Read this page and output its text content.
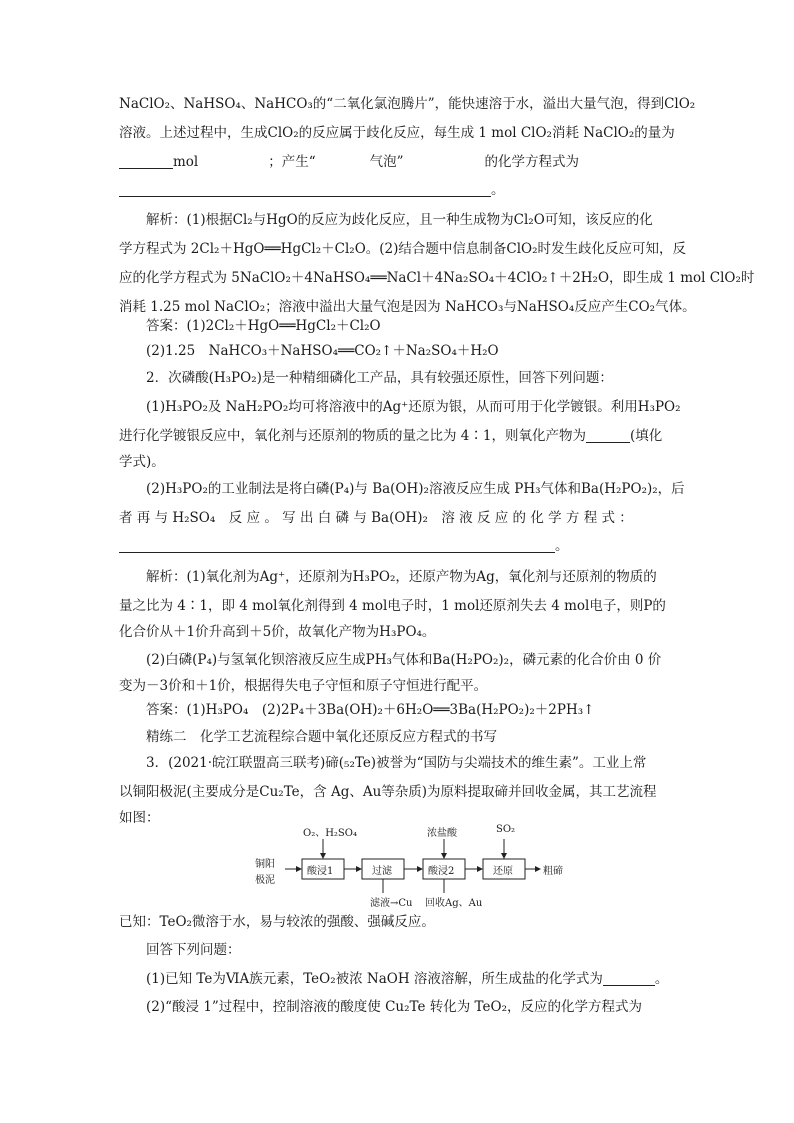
NaClO₂、NaHSO₄、NaHCO₃的“二氧化氯泡腾片”，能快速溶于水，溢出大量气泡，得到ClO₂
溶液。上述过程中，生成ClO₂的反应属于歧化反应，每生成 1 mol ClO₂消耗 NaClO₂的量为
mol	；产生“　　　　气泡”　　　　　　的化学方程式为
。
解析：(1)根据Cl₂与HgO的反应为歧化反应，且一种生成物为Cl₂O可知，该反应的化
学方程式为 2Cl₂＋HgO══HgCl₂＋Cl₂O。(2)结合题中信息制备ClO₂时发生歧化反应可知，反
应的化学方程式为 5NaClO₂＋4NaHSO₄══NaCl＋4Na₂SO₄＋4ClO₂↑＋2H₂O，即生成 1 mol ClO₂时
消耗 1.25 mol NaClO₂；溶液中溢出大量气泡是因为 NaHCO₃与NaHSO₄反应产生CO₂气体。
答案：(1)2Cl₂＋HgO══HgCl₂＋Cl₂O
(2)1.25　NaHCO₃＋NaHSO₄══CO₂↑＋Na₂SO₄＋H₂O
2．次磷酸(H₃PO₂)是一种精细磷化工产品，具有较强还原性，回答下列问题：
(1)H₃PO₂及 NaH₂PO₂均可将溶液中的Ag⁺还原为银，从而可用于化学镀银。利用H₃PO₂
进行化学镀银反应中，氧化剂与还原剂的物质的量之比为 4∶1，则氧化产物为	(填化
学式)。
(2)H₃PO₂的工业制法是将白磷(P₄)与 Ba(OH)₂溶液反应生成 PH₃气体和Ba(H₂PO₂)₂，后
者 再 与 H₂SO₄　反 应 。 写 出 白 磷 与 Ba(OH)₂　溶 液 反 应 的 化 学 方 程 式 ：
。
解析：(1)氧化剂为Ag⁺，还原剂为H₃PO₂，还原产物为Ag，氧化剂与还原剂的物质的
量之比为 4∶1，即 4 mol氧化剂得到 4 mol电子时，1 mol还原剂失去 4 mol电子，则P的
化合价从＋1价升高到＋5价，故氧化产物为H₃PO₄。
(2)白磷(P₄)与氢氧化钡溶液反应生成PH₃气体和Ba(H₂PO₂)₂，磷元素的化合价由 0 价
变为－3价和＋1价，根据得失电子守恒和原子守恒进行配平。
答案：(1)H₃PO₄　(2)2P₄＋3Ba(OH)₂＋6H₂O══3Ba(H₂PO₂)₂＋2PH₃↑
精练二　化学工艺流程综合题中氧化还原反应方程式的书写
3．(2021·皖江联盟高三联考)碲(₅₂Te)被誉为“国防与尖端技术的维生素”。工业上常
以铜阳极泥(主要成分是Cu₂Te，含 Ag、Au等杂质)为原料提取碲并回收金属，其工艺流程
如图：
铜阳
极泥
O₂、H₂SO₄	浓盐酸	SO₂
酸浸1	过滤	酸浸2	还原	粗碲
滤液→Cu 回收Ag、Au
已知：TeO₂微溶于水，易与较浓的强酸、强碱反应。
回答下列问题：
(1)已知 Te为ⅥA族元素，TeO₂被浓 NaOH 溶液溶解，所生成盐的化学式为	。
(2)“酸浸 1”过程中，控制溶液的酸度使 Cu₂Te 转化为 TeO₂，反应的化学方程式为
